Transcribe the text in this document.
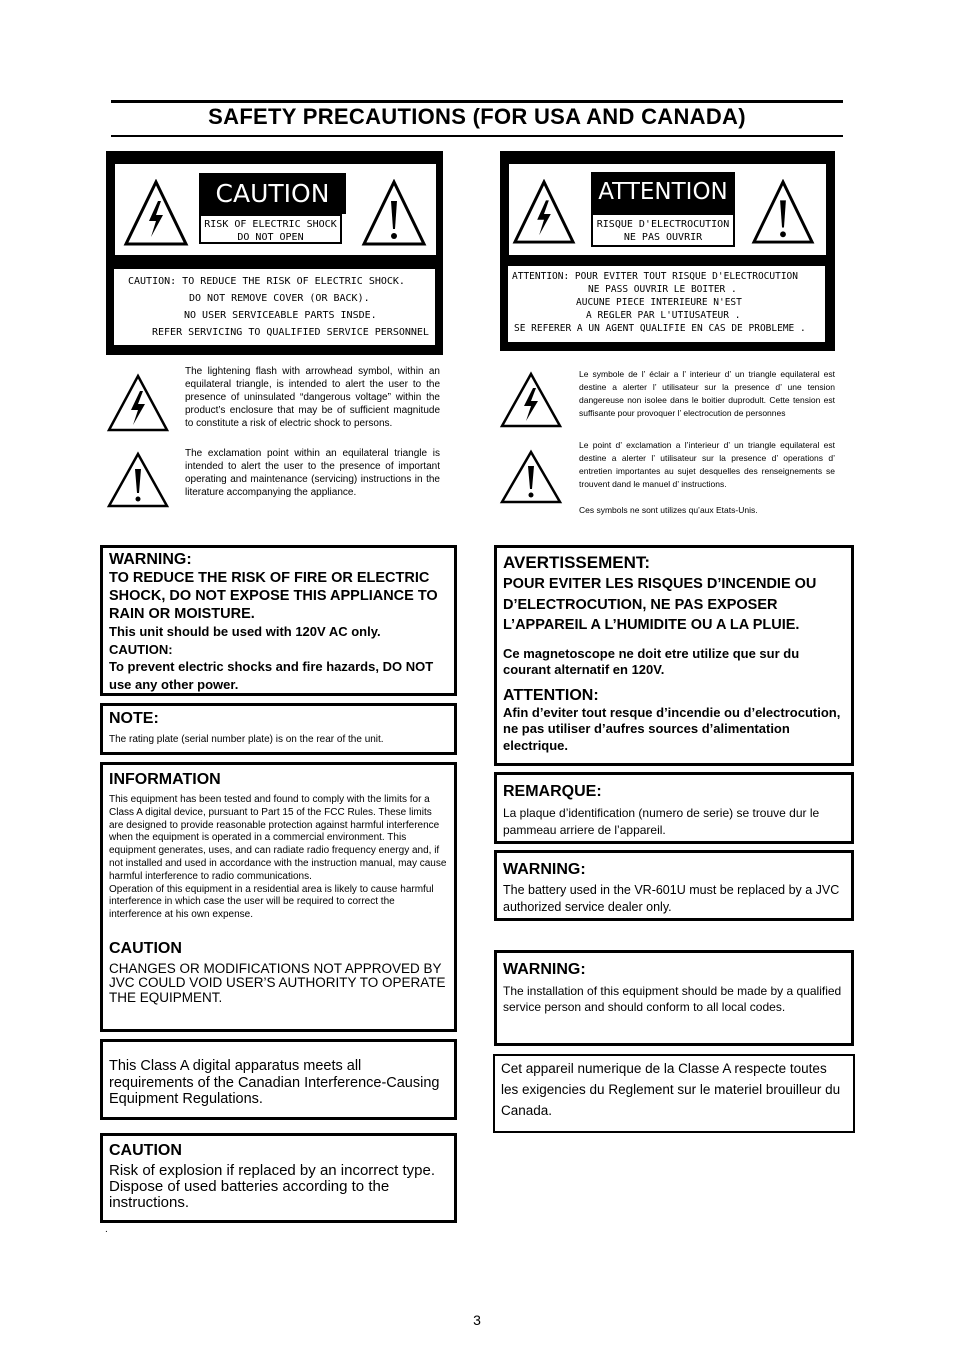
SAFETY PRECAUTIONS (FOR USA AND CANADA)
CAUTION
RISK OF ELECTRIC SHOCK
DO NOT OPEN
CAUTION: TO REDUCE THE RISK OF ELECTRIC SHOCK.
DO NOT REMOVE COVER (OR BACK).
NO USER SERVICEABLE PARTS INSDE.
REFER SERVICING TO QUALIFIED SERVICE PERSONNEL
ATTENTION
RISQUE D'ELECTROCUTION
NE PAS OUVRIR
ATTENTION: POUR EVITER TOUT RISQUE D'ELECTROCUTION
NE PASS OUVRIR LE BOITER .
AUCUNE PIECE INTERIEURE N'EST
A REGLER PAR L'UTIUSATEUR .
SE REFERER A UN AGENT QUALIFIE EN CAS DE PROBLEME .
The lightening flash with arrowhead symbol, within an equilateral triangle, is intended to alert the user to the presence of uninsulated “dangerous voltage” within the product’s enclosure that may be of sufficient magnitude to constitute a risk of electric shock to persons.
The exclamation point within an equilateral triangle is intended to alert the user to the presence of important operating and maintenance (servicing) instructions in the literature accompanying the appliance.
Le symbole de l’ éclair a l’ interieur d’ un triangle equilateral est destine a alerter l’ utilisateur sur la presence d’ une tension dangereuse non isolee dans le boitier duprodult. Cette tension est suffisante pour provoquer l’ electrocution de personnes
Le point d’ exclamation a l’interieur d’ un triangle equilateral est destine a alerter l’ utilisateur sur la presence d’ operations d’ entretien importantes au sujet desquelles des renseignements se trouvent dand le manuel d’ instructions.
Ces symbols ne sont utilizes qu’aux Etats-Unis.
WARNING:
TO REDUCE THE RISK OF FIRE OR ELECTRIC SHOCK, DO NOT EXPOSE THIS APPLIANCE TO RAIN OR MOISTURE.
This unit should be used with 120V AC only.
CAUTION:
To prevent electric shocks and fire hazards, DO NOT use any other power.
NOTE:
The rating plate (serial number plate) is on the rear of the unit.
INFORMATION
This equipment has been tested and found to comply with the limits for a Class A digital device, pursuant to Part 15 of the FCC Rules. These limits are designed to provide reasonable protection against harmful interference when the equipment is operated in a commercial environment. This equipment generates, uses, and can radiate radio frequency energy and, if not installed and used in accordance with the instruction manual, may cause harmful interference to radio communications.
Operation of this equipment in a residential area is likely to cause harmful interference in which case the user will be required to correct the interference at his own expense.
CAUTION
CHANGES OR MODIFICATIONS NOT APPROVED BY JVC COULD VOID USER’S AUTHORITY TO OPERATE THE EQUIPMENT.
This Class A digital apparatus meets all requirements of the Canadian Interference-Causing Equipment Regulations.
CAUTION
Risk of explosion if replaced by an incorrect type. Dispose of used batteries according to the instructions.
.
AVERTISSEMENT:
POUR EVITER LES RISQUES D’INCENDIE OU D’ELECTROCUTION, NE PAS EXPOSER L’APPAREIL A L’HUMIDITE OU A LA PLUIE.
Ce magnetoscope ne doit etre utilize que sur du courant alternatif en 120V.
ATTENTION:
Afin d’eviter tout resque d’incendie ou d’electrocution, ne pas utiliser d’aufres sources d’alimentation electrique.
REMARQUE:
La plaque d’identification (numero de serie) se trouve dur le pammeau arriere de l’appareil.
WARNING:
The battery used in the VR-601U must be replaced by a JVC authorized service dealer only.
WARNING:
The installation of this equipment should be made by a qualified service person and should conform to all local codes.
Cet appareil numerique de la Classe A respecte toutes les exigencies du Reglement sur le materiel brouilleur du Canada.
3
